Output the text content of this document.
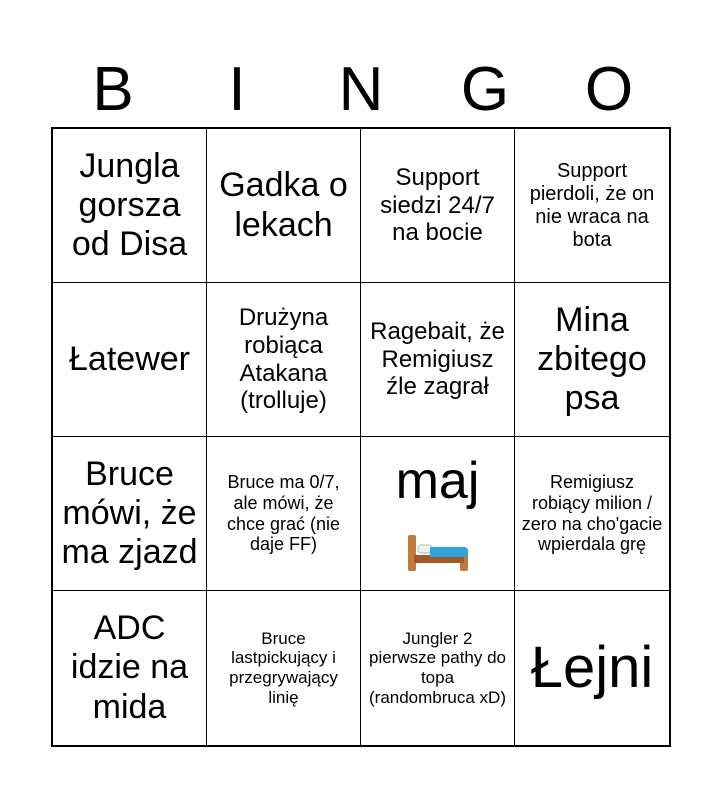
B	I	N	G	O
Jungla gorsza od Disa
Gadka o lekach
Support siedzi 24/7 na bocie
Support pierdoli, że on nie wraca na bota
Łatewer
Drużyna robiąca Atakana (trolluje)
Ragebait, że Remigiusz źle zagrał
Mina zbitego psa
Bruce mówi, że ma zjazd
Bruce ma 0/7, ale mówi, że chce grać (nie daje FF)
maj	Remigiusz robiący milion / zero na cho'gacie wpierdala grę
ADC idzie na mida
Bruce lastpickujący i przegrywający linię
Jungler 2 pierwsze pathy do topa (randombruca xD) Łejni
